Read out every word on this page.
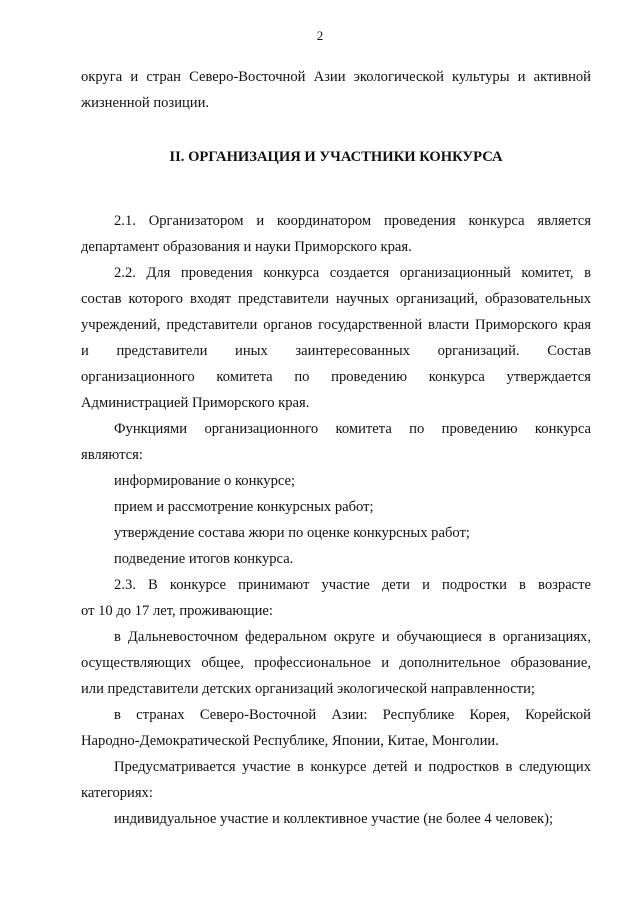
2
округа и стран Северо-Восточной Азии экологической культуры и активной
жизненной позиции.
II. ОРГАНИЗАЦИЯ И УЧАСТНИКИ КОНКУРСА
2.1. Организатором и координатором проведения конкурса является
департамент образования и науки Приморского края.
2.2. Для проведения конкурса создается организационный комитет, в
состав которого входят представители научных организаций, образовательных
учреждений, представители органов государственной власти Приморского края
и представители иных заинтересованных организаций. Состав
организационного комитета по проведению конкурса утверждается
Администрацией Приморского края.
Функциями организационного комитета по проведению конкурса
являются:
информирование о конкурсе;
прием и рассмотрение конкурсных работ;
утверждение состава жюри по оценке конкурсных работ;
подведение итогов конкурса.
2.3. В конкурсе принимают участие дети и подростки в возрасте
от 10 до 17 лет, проживающие:
в Дальневосточном федеральном округе и обучающиеся в организациях,
осуществляющих общее, профессиональное и дополнительное образование,
или представители детских организаций экологической направленности;
в странах Северо-Восточной Азии: Республике Корея, Корейской
Народно-Демократической Республике, Японии, Китае, Монголии.
Предусматривается участие в конкурсе детей и подростков в следующих
категориях:
индивидуальное участие и коллективное участие (не более 4 человек);
